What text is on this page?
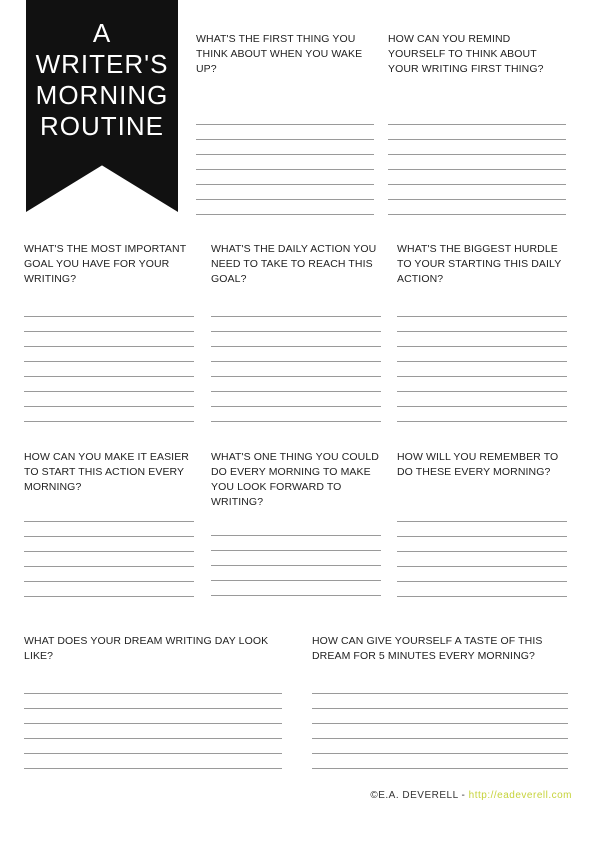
A
WRITER'S
MORNING
ROUTINE
WHAT'S THE FIRST THING YOU THINK ABOUT WHEN YOU WAKE UP?
HOW CAN YOU REMIND YOURSELF TO THINK ABOUT YOUR WRITING FIRST THING?
WHAT'S THE MOST IMPORTANT GOAL YOU HAVE FOR YOUR WRITING?
WHAT'S THE DAILY ACTION YOU NEED TO TAKE TO REACH THIS GOAL?
WHAT'S THE BIGGEST HURDLE TO YOUR STARTING THIS DAILY ACTION?
HOW CAN YOU MAKE IT EASIER TO START THIS ACTION EVERY MORNING?
WHAT'S ONE THING YOU COULD DO EVERY MORNING TO MAKE YOU LOOK FORWARD TO WRITING?
HOW WILL YOU REMEMBER TO DO THESE EVERY MORNING?
WHAT DOES YOUR DREAM WRITING DAY LOOK LIKE?
HOW CAN GIVE YOURSELF A TASTE OF THIS DREAM FOR 5 MINUTES EVERY MORNING?
©E.A. DEVERELL - http://eadeverell.com
